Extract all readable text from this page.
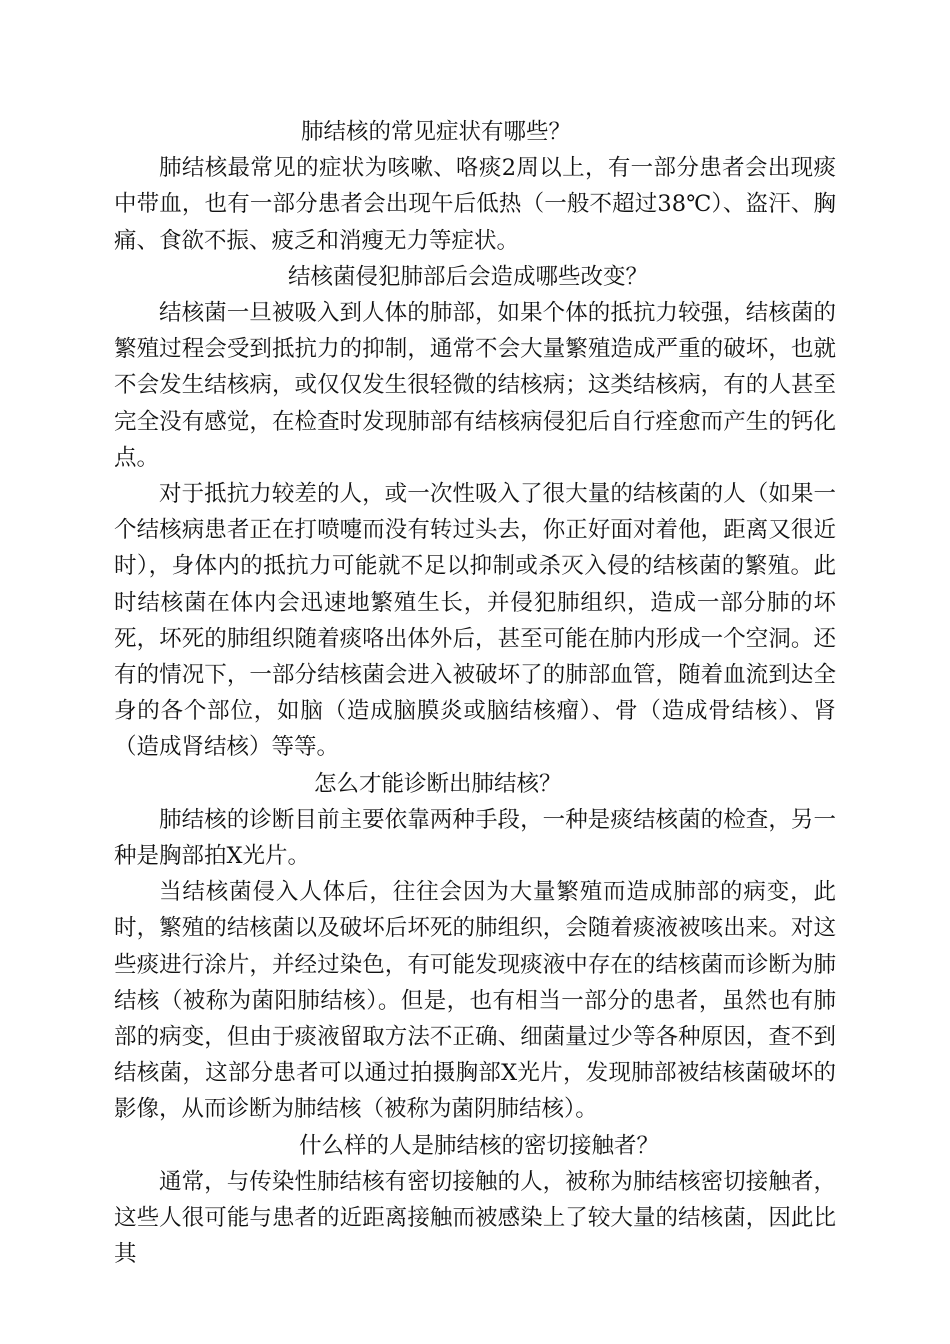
肺结核的常见症状有哪些？

肺结核最常见的症状为咳嗽、咯痰2周以上，有一部分患者会出现痰中带血，也有一部分患者会出现午后低热（一般不超过38℃）、盗汗、胸痛、食欲不振、疲乏和消瘦无力等症状。

结核菌侵犯肺部后会造成哪些改变？

结核菌一旦被吸入到人体的肺部，如果个体的抵抗力较强，结核菌的繁殖过程会受到抵抗力的抑制，通常不会大量繁殖造成严重的破坏，也就不会发生结核病，或仅仅发生很轻微的结核病；这类结核病，有的人甚至完全没有感觉，在检查时发现肺部有结核病侵犯后自行痊愈而产生的钙化点。

对于抵抗力较差的人，或一次性吸入了很大量的结核菌的人（如果一个结核病患者正在打喷嚏而没有转过头去，你正好面对着他，距离又很近时），身体内的抵抗力可能就不足以抑制或杀灭入侵的结核菌的繁殖。此时结核菌在体内会迅速地繁殖生长，并侵犯肺组织，造成一部分肺的坏死，坏死的肺组织随着痰咯出体外后，甚至可能在肺内形成一个空洞。还有的情况下，一部分结核菌会进入被破坏了的肺部血管，随着血流到达全身的各个部位，如脑（造成脑膜炎或脑结核瘤）、骨（造成骨结核）、肾（造成肾结核）等等。

怎么才能诊断出肺结核？

肺结核的诊断目前主要依靠两种手段，一种是痰结核菌的检查，另一种是胸部拍X光片。

当结核菌侵入人体后，往往会因为大量繁殖而造成肺部的病变，此时，繁殖的结核菌以及破坏后坏死的肺组织，会随着痰液被咳出来。对这些痰进行涂片，并经过染色，有可能发现痰液中存在的结核菌而诊断为肺结核（被称为菌阳肺结核）。但是，也有相当一部分的患者，虽然也有肺部的病变，但由于痰液留取方法不正确、细菌量过少等各种原因，查不到结核菌，这部分患者可以通过拍摄胸部X光片，发现肺部被结核菌破坏的影像，从而诊断为肺结核（被称为菌阴肺结核）。

什么样的人是肺结核的密切接触者？

通常，与传染性肺结核有密切接触的人，被称为肺结核密切接触者，这些人很可能与患者的近距离接触而被感染上了较大量的结核菌，因此比其
